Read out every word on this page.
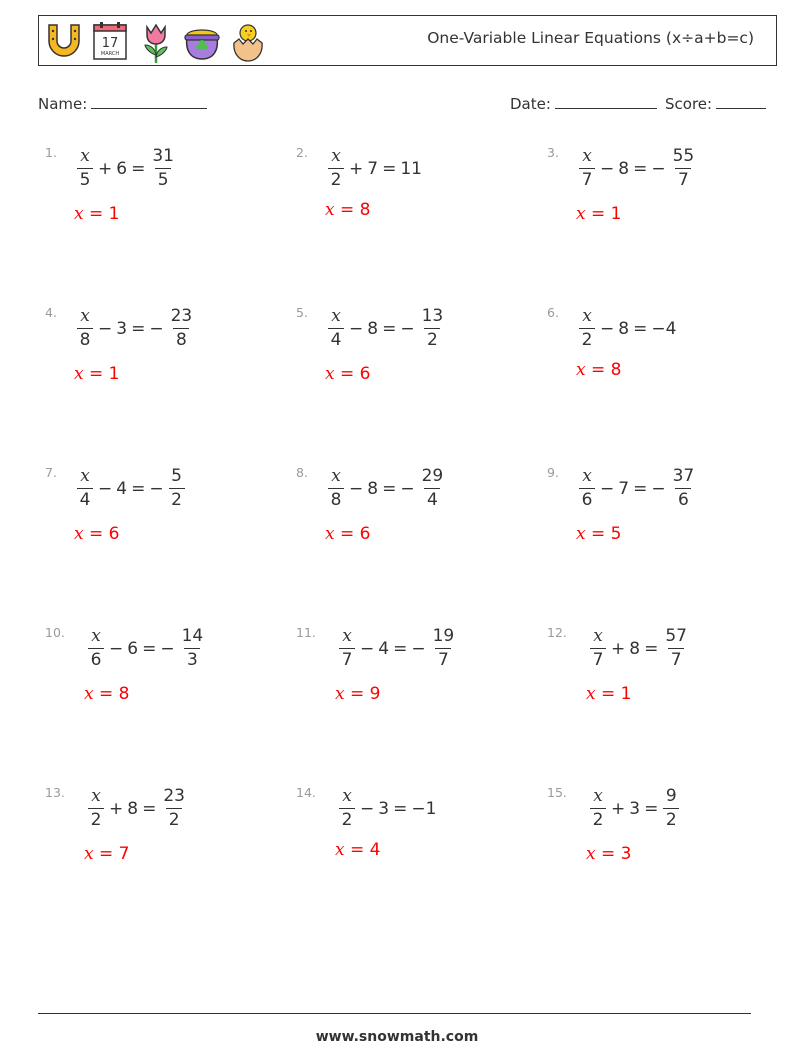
17
MARCH
One-Variable Linear Equations (x÷a+b=c)
Name:	Date:	Score:
1. $\frac{x}{5} + 6 = \frac{31}{5}$
x = 1
2. $\frac{x}{2} + 7 = 11$
x = 8
3. $\frac{x}{7} - 8$ = − $\frac{55}{7}$
x = 1
4. $\frac{x}{8} - 3$ = − $\frac{23}{8}$
x = 1
5. $\frac{x}{4} - 8$ = − $\frac{13}{2}$
x = 6
6. $\frac{x}{2} - 8 = -4$
x = 8
7. $\frac{x}{4} - 4$ = − $\frac{5}{2}$
x = 6
8. $\frac{x}{8} - 8$ = − $\frac{29}{4}$
x = 6
9. $\frac{x}{6} - 7$ = − $\frac{37}{6}$
x = 5
10. $\frac{x}{6} - 6$ = − $\frac{14}{3}$
x = 8
11. $\frac{x}{7} - 4$ = − $\frac{19}{7}$
x = 9
12. $\frac{x}{7} + 8 = \frac{57}{7}$
x = 1
13. $\frac{x}{2} + 8 = \frac{23}{2}$
x = 7
14. $\frac{x}{2} - 3 = -1$
x = 4
15. $\frac{x}{2} + 3 = \frac{9}{2}$
x = 3
www.snowmath.com
